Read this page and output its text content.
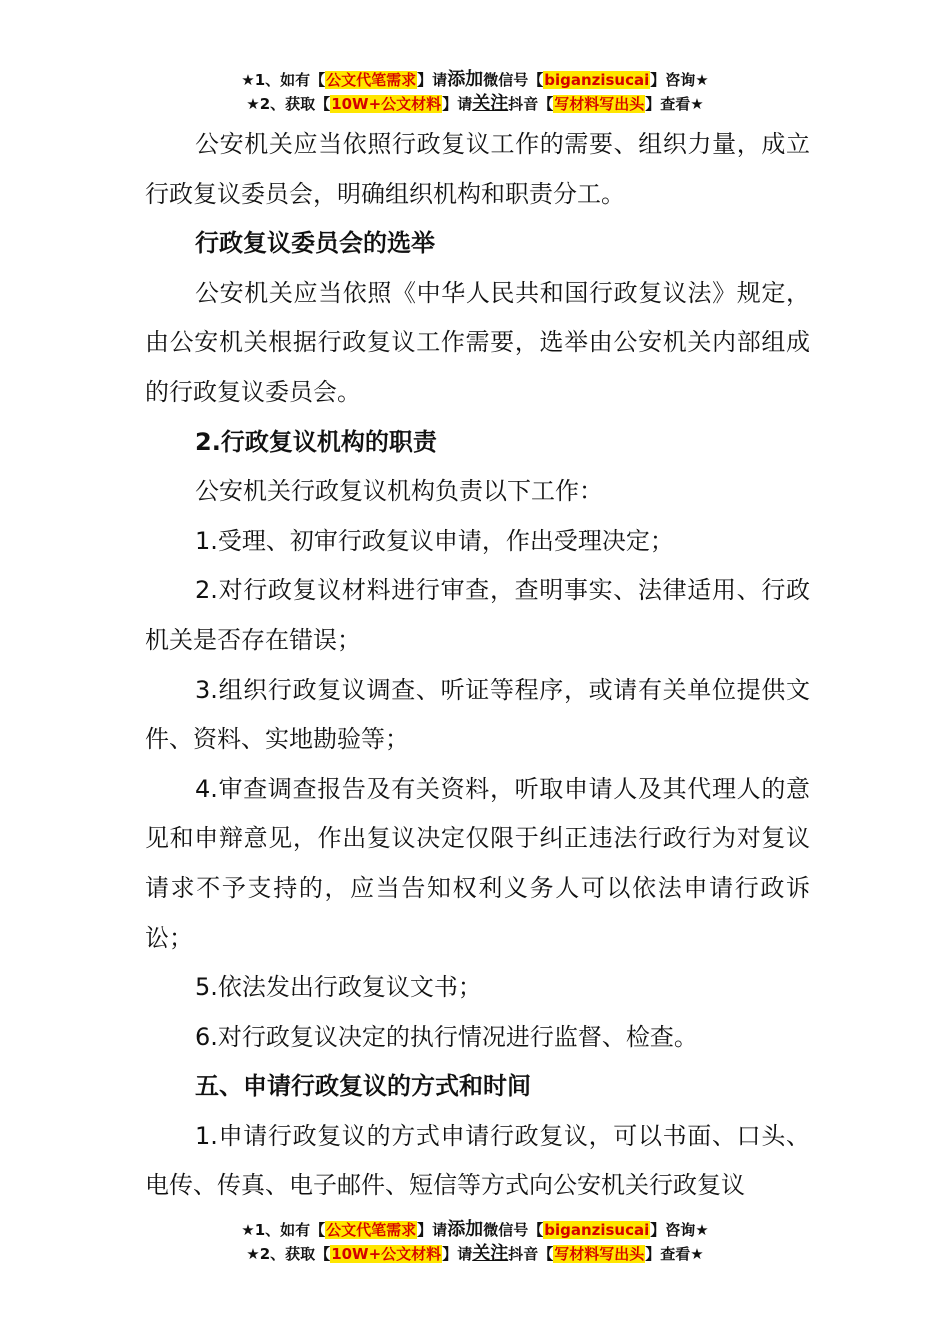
★1、如有【公文代笔需求】请添加微信号【biganzisucai】咨询★
★2、获取【10W+公文材料】请关注抖音【写材料写出头】查看★

公安机关应当依照行政复议工作的需要、组织力量，成立行政复议委员会，明确组织机构和职责分工。

行政复议委员会的选举

公安机关应当依照《中华人民共和国行政复议法》规定，由公安机关根据行政复议工作需要，选举由公安机关内部组成的行政复议委员会。

2.行政复议机构的职责

公安机关行政复议机构负责以下工作：

1.受理、初审行政复议申请，作出受理决定；

2.对行政复议材料进行审查，查明事实、法律适用、行政机关是否存在错误；

3.组织行政复议调查、听证等程序，或请有关单位提供文件、资料、实地勘验等；

4.审查调查报告及有关资料，听取申请人及其代理人的意见和申辩意见，作出复议决定仅限于纠正违法行政行为对复议请求不予支持的，应当告知权利义务人可以依法申请行政诉讼；

5.依法发出行政复议文书；

6.对行政复议决定的执行情况进行监督、检查。

五、申请行政复议的方式和时间

1.申请行政复议的方式申请行政复议，可以书面、口头、电传、传真、电子邮件、短信等方式向公安机关行政复议

★1、如有【公文代笔需求】请添加微信号【biganzisucai】咨询★
★2、获取【10W+公文材料】请关注抖音【写材料写出头】查看★
